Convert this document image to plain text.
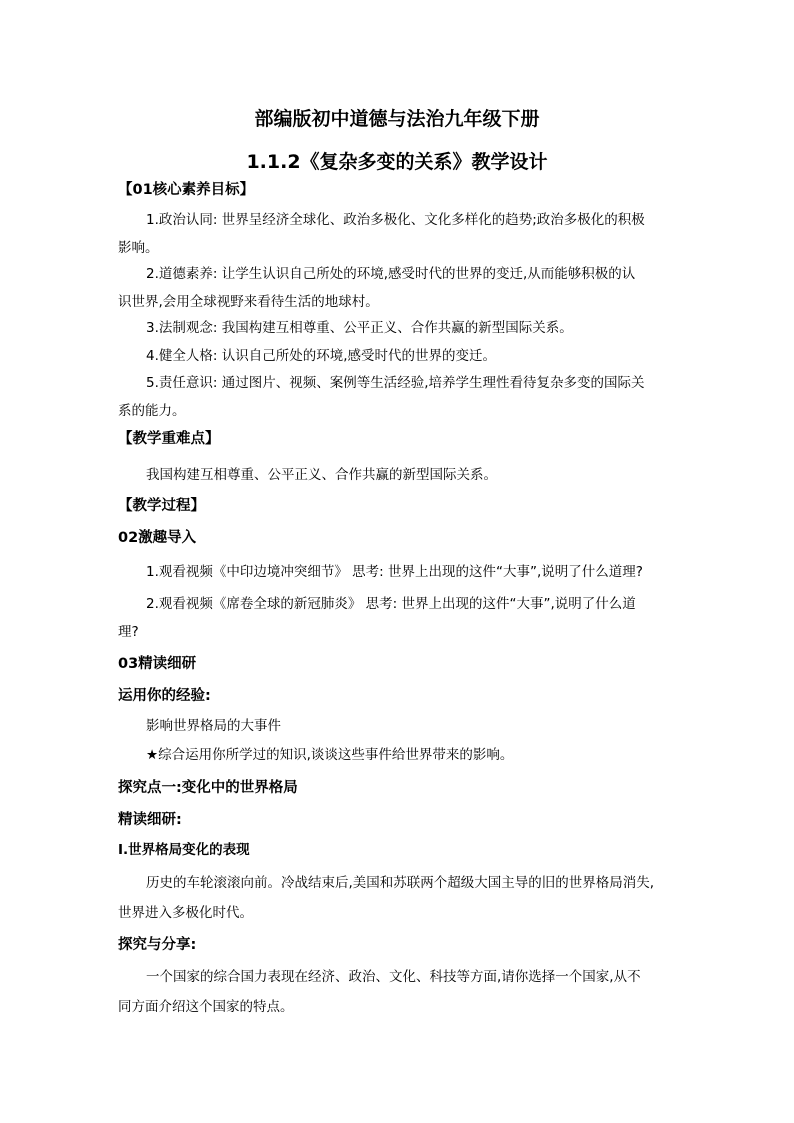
部编版初中道德与法治九年级下册
1.1.2《复杂多变的关系》教学设计
【01核心素养目标】
1.政治认同: 世界呈经济全球化、政治多极化、文化多样化的趋势;政治多极化的积极
影响。
2.道德素养: 让学生认识自己所处的环境,感受时代的世界的变迁,从而能够积极的认
识世界,会用全球视野来看待生活的地球村。
3.法制观念: 我国构建互相尊重、公平正义、合作共赢的新型国际关系。
4.健全人格: 认识自己所处的环境,感受时代的世界的变迁。
5.责任意识: 通过图片、视频、案例等生活经验,培养学生理性看待复杂多变的国际关
系的能力。
【教学重难点】
我国构建互相尊重、公平正义、合作共赢的新型国际关系。
【教学过程】
02激趣导入
1.观看视频《中印边境冲突细节》 思考: 世界上出现的这件“大事”,说明了什么道理?
2.观看视频《席卷全球的新冠肺炎》 思考: 世界上出现的这件“大事”,说明了什么道
理?
03精读细研
运用你的经验:
影响世界格局的大事件
★综合运用你所学过的知识,谈谈这些事件给世界带来的影响。
探究点一:变化中的世界格局
精读细研:
Ⅰ.世界格局变化的表现
历史的车轮滚滚向前。冷战结束后,美国和苏联两个超级大国主导的旧的世界格局消失,
世界进入多极化时代。
探究与分享:
一个国家的综合国力表现在经济、政治、文化、科技等方面,请你选择一个国家,从不
同方面介绍这个国家的特点。
